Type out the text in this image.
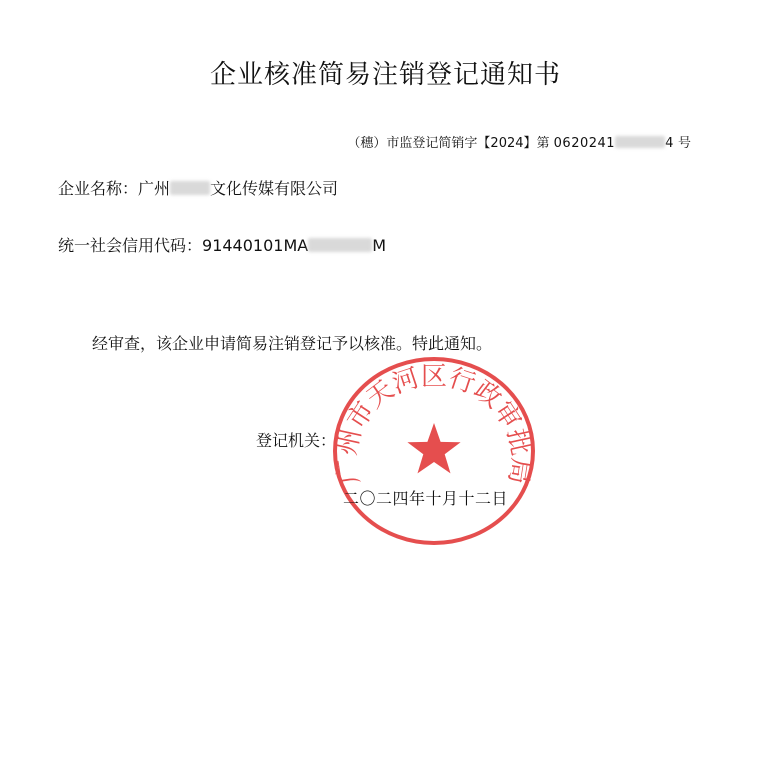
企业核准简易注销登记通知书
（穗）市监登记简销字【2024】第 0620241	4 号
企业名称：广州	文化传媒有限公司
统一社会信用代码：91440101MA	M
经审查，该企业申请简易注销登记予以核准。特此通知。
登记机关：
二〇二四年十月十二日
广州市天河区行政审批局
